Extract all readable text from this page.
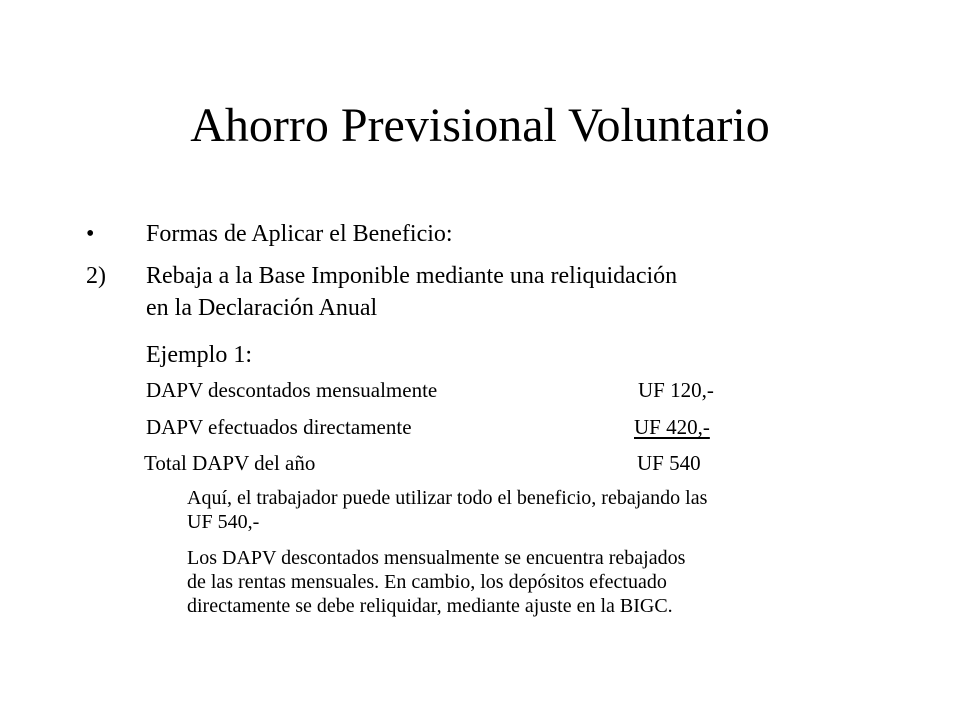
Ahorro Previsional Voluntario
• Formas de Aplicar el Beneficio:
2) Rebaja a la Base Imponible mediante una reliquidación
en la Declaración Anual
Ejemplo 1:
DAPV descontados mensualmente	UF 120,-
DAPV efectuados directamente	UF 420,-
Total DAPV del año	UF 540
Aquí, el trabajador puede utilizar todo el beneficio, rebajando las
UF 540,-
Los DAPV descontados mensualmente se encuentra rebajados
de las rentas mensuales. En cambio, los depósitos efectuado
directamente se debe reliquidar, mediante ajuste en la BIGC.
